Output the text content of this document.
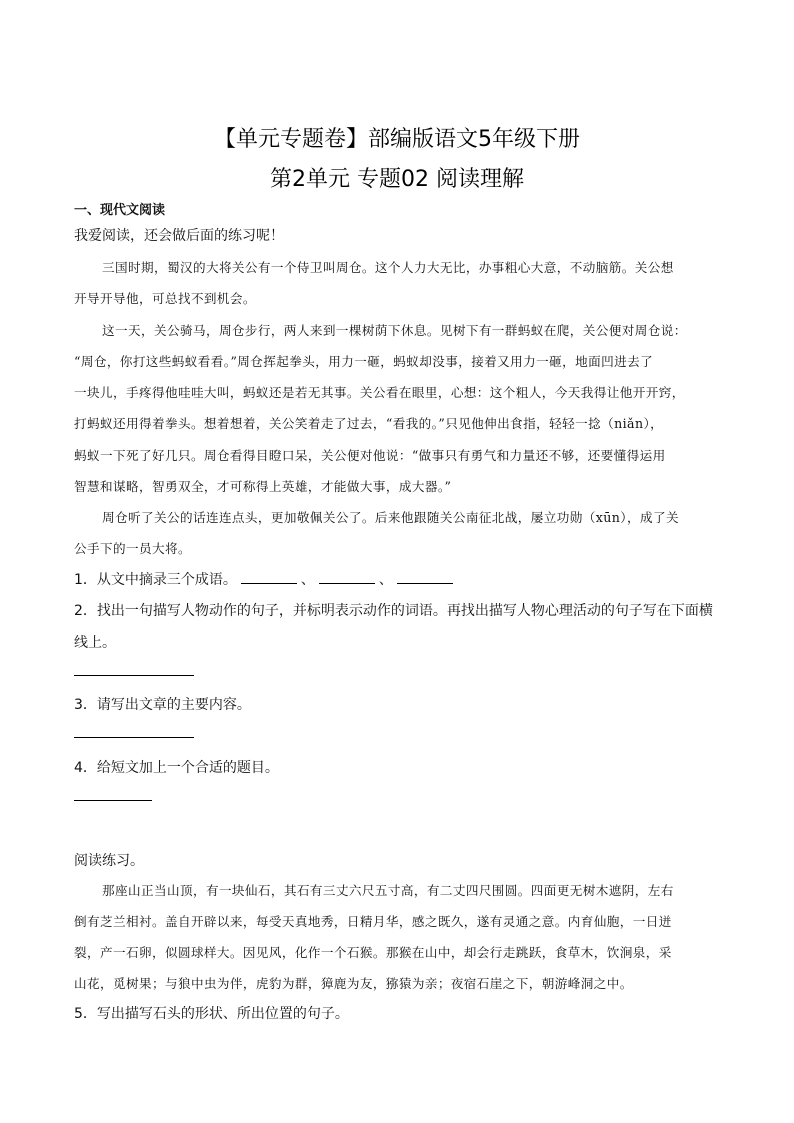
【单元专题卷】部编版语文5年级下册
第2单元 专题02 阅读理解
一、现代文阅读
我爱阅读，还会做后面的练习呢！
三国时期，蜀汉的大将关公有一个侍卫叫周仓。这个人力大无比，办事粗心大意，不动脑筋。关公想
开导开导他，可总找不到机会。
这一天，关公骑马，周仓步行，两人来到一棵树荫下休息。见树下有一群蚂蚁在爬，关公便对周仓说：
“周仓，你打这些蚂蚁看看。”周仓挥起拳头，用力一砸，蚂蚁却没事，接着又用力一砸，地面凹进去了
一块儿，手疼得他哇哇大叫，蚂蚁还是若无其事。关公看在眼里，心想：这个粗人，今天我得让他开开窍，
打蚂蚁还用得着拳头。想着想着，关公笑着走了过去，“看我的。”只见他伸出食指，轻轻一捻（niǎn），
蚂蚁一下死了好几只。周仓看得目瞪口呆，关公便对他说：“做事只有勇气和力量还不够，还要懂得运用
智慧和谋略，智勇双全，才可称得上英雄，才能做大事，成大器。”
周仓听了关公的话连连点头，更加敬佩关公了。后来他跟随关公南征北战，屡立功勋（xūn），成了关
公手下的一员大将。
1．从文中摘录三个成语。	、	、
2．找出一句描写人物动作的句子，并标明表示动作的词语。再找出描写人物心理活动的句子写在下面横
线上。
3．请写出文章的主要内容。
4．给短文加上一个合适的题目。
阅读练习。
那座山正当山顶，有一块仙石，其石有三丈六尺五寸高，有二丈四尺围圆。四面更无树木遮阴，左右
倒有芝兰相衬。盖自开辟以来，每受天真地秀，日精月华，感之既久，遂有灵通之意。内育仙胞，一日迸
裂，产一石卵，似圆球样大。因见风，化作一个石猴。那猴在山中，却会行走跳跃，食草木，饮涧泉，采
山花，觅树果；与狼中虫为伴，虎豹为群，獐鹿为友，猕猿为亲；夜宿石崖之下，朝游峰洞之中。
5．写出描写石头的形状、所出位置的句子。
